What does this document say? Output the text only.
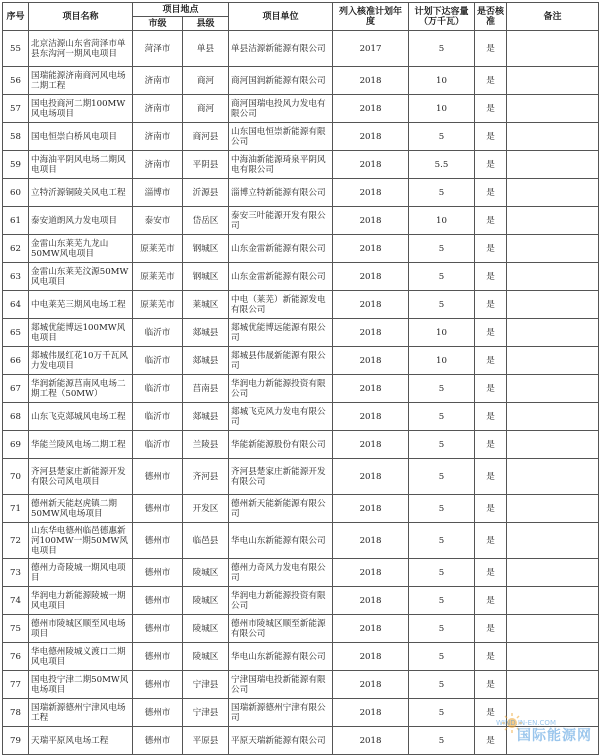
序号	项目名称	项目地点		项目单位	列入核准计划年度	计划下达容量（万千瓦）	是否核准	备注
		市级	县级					
55	北京洁源山东省菏泽市单县东沟河一期风电项目	菏泽市	单县	单县洁源新能源有限公司	2017	5	是	
56	国瑞能源济南商河风电场二期工程	济南市	商河	商河国润新能源有限公司	2018	10	是	
57	国电投商河二期100MW风电场项目	济南市	商河	商河国瑞电投风力发电有限公司	2018	10	是	
58	国电恒崇白桥风电项目	济南市	商河县	山东国电恒崇新能源有限公司	2018	5	是	
59	中海油平阴风电场二期风电项目	济南市	平阴县	中海油新能源琦泉平阴风电有限公司	2018	5.5	是	
60	立特沂源铜陵关风电工程	淄博市	沂源县	淄博立特新能源有限公司	2018	5	是	
61	泰安道朗风力发电项目	泰安市	岱岳区	泰安三叶能源开发有限公司	2018	10	是	
62	金雷山东莱芜九龙山50MW风电项目	原莱芜市	钢城区	山东金雷新能源有限公司	2018	5	是	
63	金雷山东莱芜汶源50MW风电项目	原莱芜市	钢城区	山东金雷新能源有限公司	2018	5	是	
64	中电莱芜三期风电场工程	原莱芜市	莱城区	中电（莱芜）新能源发电有限公司	2018	5	是	
65	郯城优能博远100MW风电项目	临沂市	郯城县	郯城优能博远能源有限公司	2018	10	是	
66	郯城伟晟红花10万千瓦风力发电项目	临沂市	郯城县	郯城县伟晟新能源有限公司	2018	10	是	
67	华润新能源莒南风电场二期工程（50MW）	临沂市	莒南县	华润电力新能源投资有限公司	2018	5	是	
68	山东飞克郯城风电场工程	临沂市	郯城县	郯城飞克风力发电有限公司	2018	5	是	
69	华能兰陵风电场二期工程	临沂市	兰陵县	华能新能源股份有限公司	2018	5	是	
70	齐河县楚家庄新能源开发有限公司风电项目	德州市	齐河县	齐河县楚家庄新能源开发有限公司	2018	5	是	
71	德州新天能赵虎镇二期50MW风电场项目	德州市	开发区	德州新天能新能源有限公司	2018	5	是	
72	山东华电德州临邑德惠新河100MW一期50MW风电项目	德州市	临邑县	华电山东新能源有限公司	2018	5	是	
73	德州力奇陵城一期风电项目	德州市	陵城区	德州力奇风力发电有限公司	2018	5	是	
74	华润电力新能源陵城一期风电项目	德州市	陵城区	华润电力新能源投资有限公司	2018	5	是	
75	德州市陵城区顺至风电场项目	德州市	陵城区	德州市陵城区顺至新能源有限公司	2018	5	是	
76	华电德州陵城义渡口二期风电项目	德州市	陵城区	华电山东新能源有限公司	2018	5	是	
77	国电投宁津二期50MW风电场项目	德州市	宁津县	宁津国瑞电投新能源有限公司	2018	5	是	
78	国瑞新源德州宁津风电场工程	德州市	宁津县	国瑞新源德州宁津有限公司	2018	5	是	
79	天瑞平原风电场工程	德州市	平原县	平原天瑞新能源有限公司	2018	5	是	
WIND.IN-EN.COM
国际能源网
